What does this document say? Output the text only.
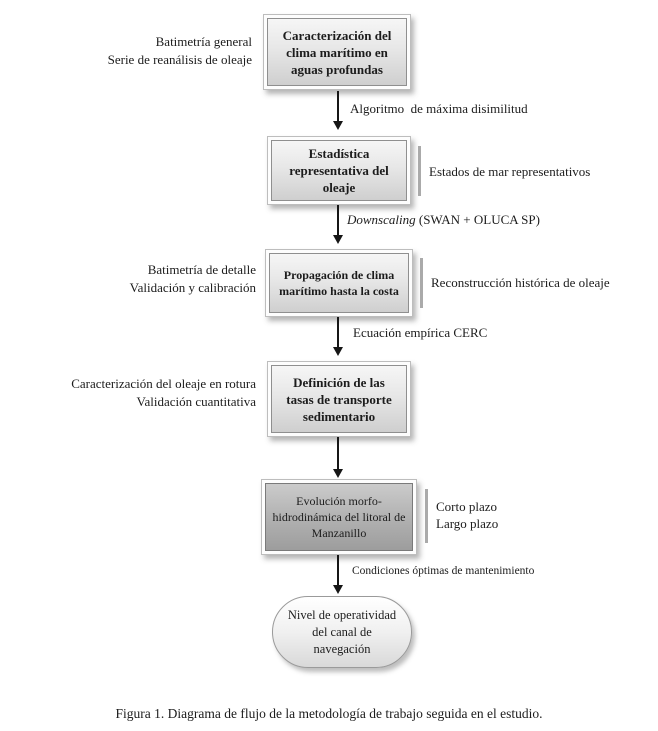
Batimetría general
Serie de reanálisis de oleaje
Caracterización del clima marítimo en aguas profundas
Algoritmo  de máxima disimilitud
Estadística representativa del oleaje
Estados de mar representativos
Downscaling (SWAN + OLUCA SP)
Batimetría de detalle
Validación y calibración
Propagación de clima marítimo hasta la costa
Reconstrucción histórica de oleaje
Ecuación empírica CERC
Caracterización del oleaje en rotura
Validación cuantitativa
Definición de las tasas de transporte sedimentario
Evolución morfo-hidrodinámica del litoral de Manzanillo
Corto plazo
Largo plazo
Condiciones óptimas de mantenimiento
Nivel de operatividad del canal de navegación
Figura 1. Diagrama de flujo de la metodología de trabajo seguida en el estudio.
